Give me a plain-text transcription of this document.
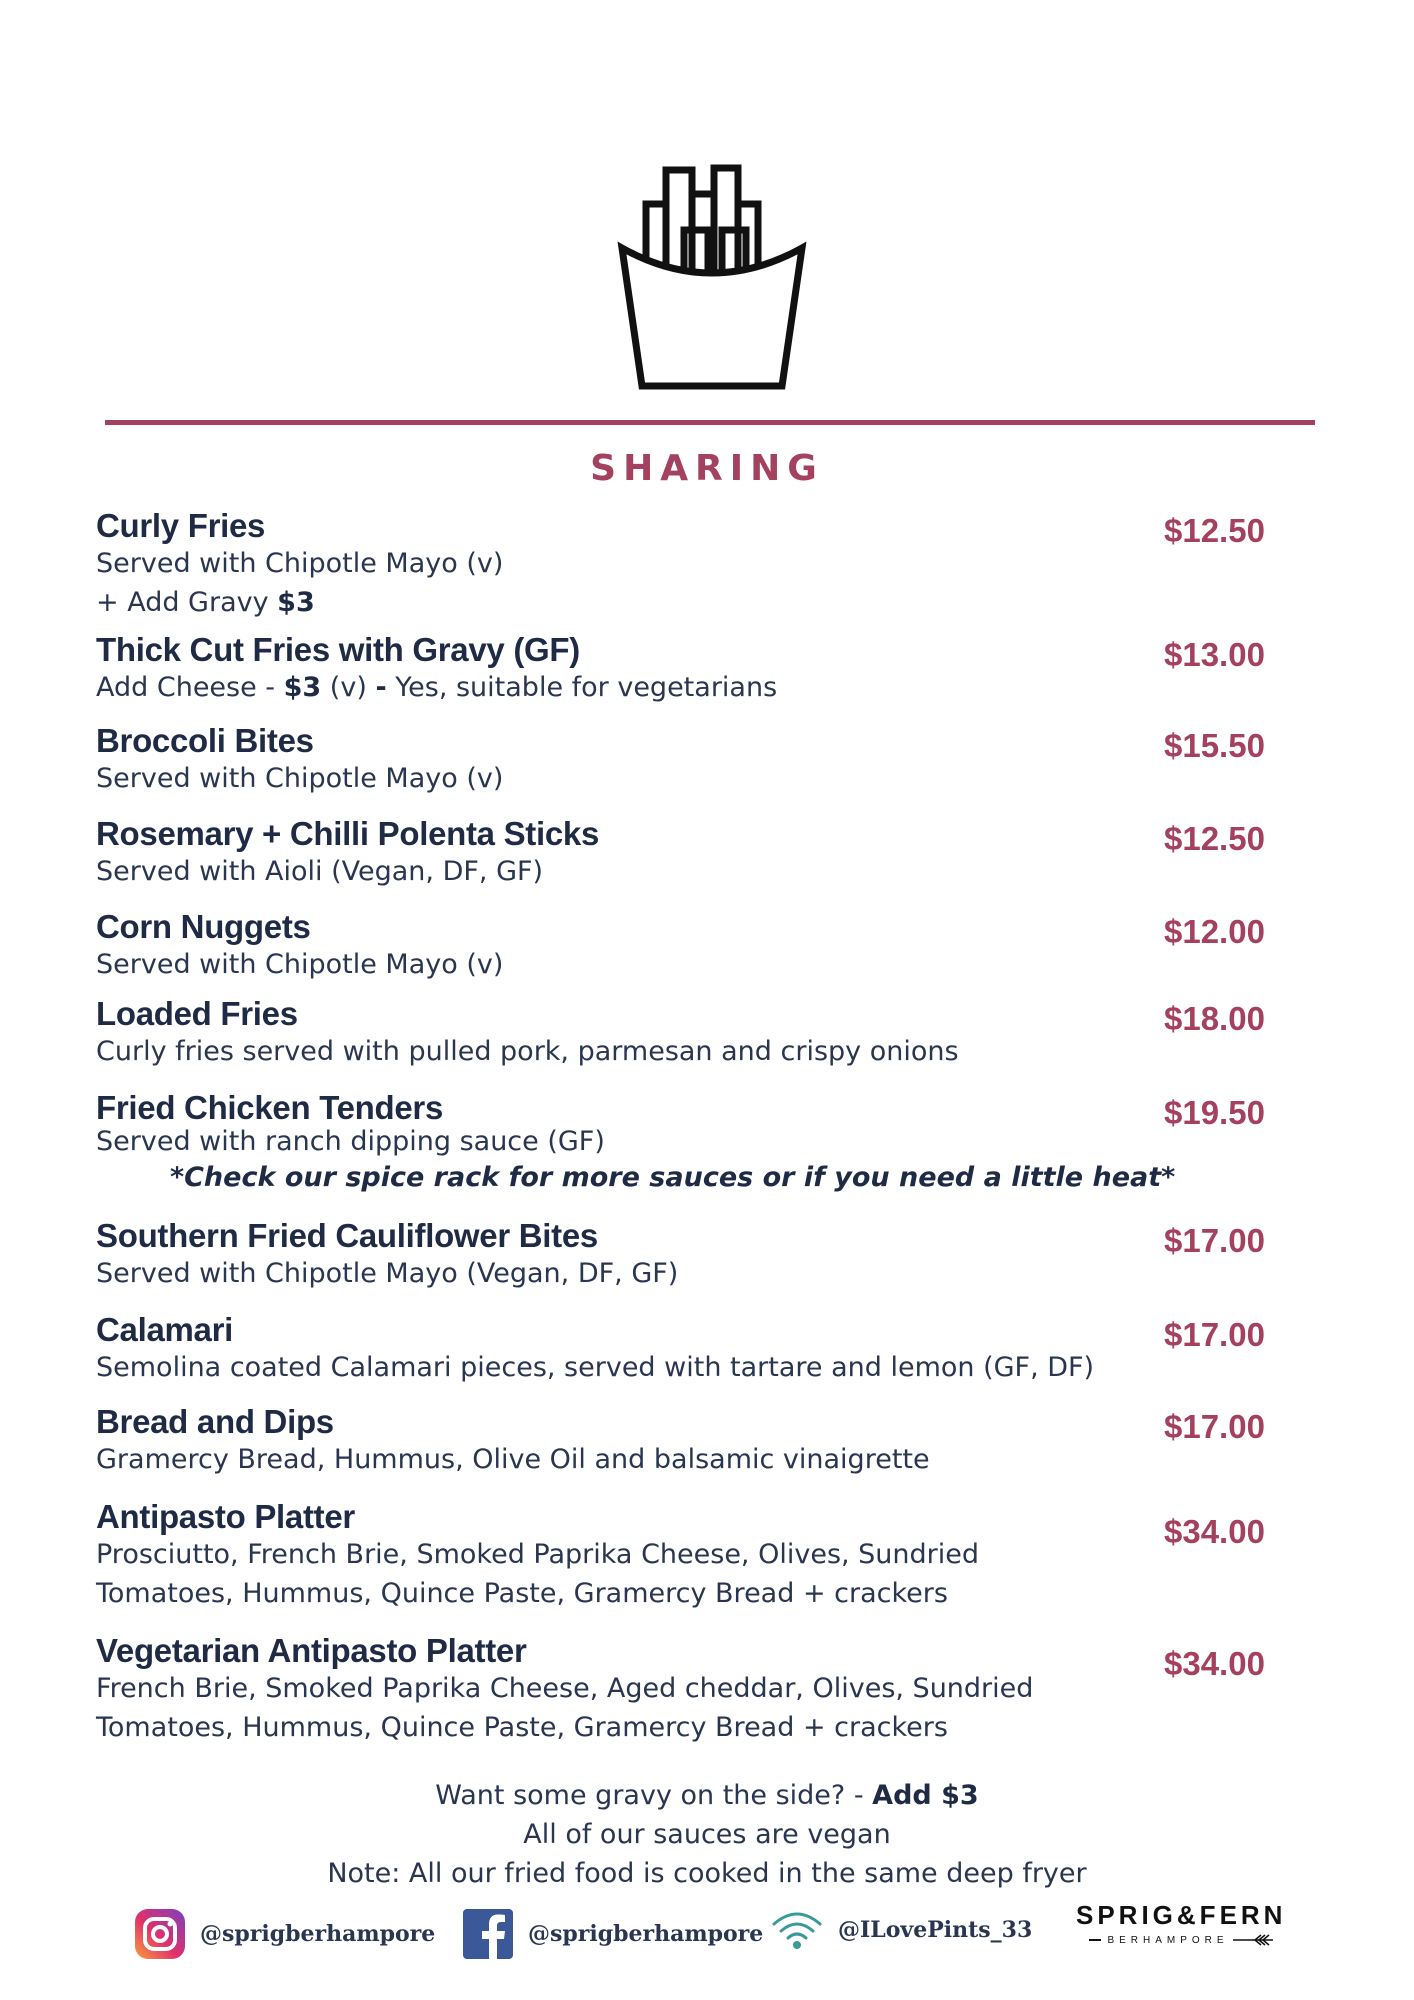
SHARING
Curly Fries
Served with Chipotle Mayo (v)
+ Add Gravy $3
$12.50
Thick Cut Fries with Gravy (GF)
Add Cheese - $3 (v) - Yes, suitable for vegetarians
$13.00
Broccoli Bites
Served with Chipotle Mayo (v)
$15.50
Rosemary + Chilli Polenta Sticks
Served with Aioli (Vegan, DF, GF)
$12.50
Corn Nuggets
Served with Chipotle Mayo (v)
$12.00
Loaded Fries
Curly fries served with pulled pork, parmesan and crispy onions
$18.00
Fried Chicken Tenders
Served with ranch dipping sauce (GF)
*Check our spice rack for more sauces or if you need a little heat*
$19.50
Southern Fried Cauliflower Bites
Served with Chipotle Mayo (Vegan, DF, GF)
$17.00
Calamari
Semolina coated Calamari pieces, served with tartare and lemon (GF, DF)
$17.00
Bread and Dips
Gramercy Bread, Hummus, Olive Oil and balsamic vinaigrette
$17.00
Antipasto Platter
Prosciutto, French Brie, Smoked Paprika Cheese, Olives, Sundried
Tomatoes, Hummus, Quince Paste, Gramercy Bread + crackers
$34.00
Vegetarian Antipasto Platter
French Brie, Smoked Paprika Cheese, Aged cheddar, Olives, Sundried
Tomatoes, Hummus, Quince Paste, Gramercy Bread + crackers
$34.00
Want some gravy on the side? - Add $3
All of our sauces are vegan
Note: All our fried food is cooked in the same deep fryer
@sprigberhampore	@sprigberhampore	@ILovePints_33 SPRIG&FERN
BERHAMPORE
